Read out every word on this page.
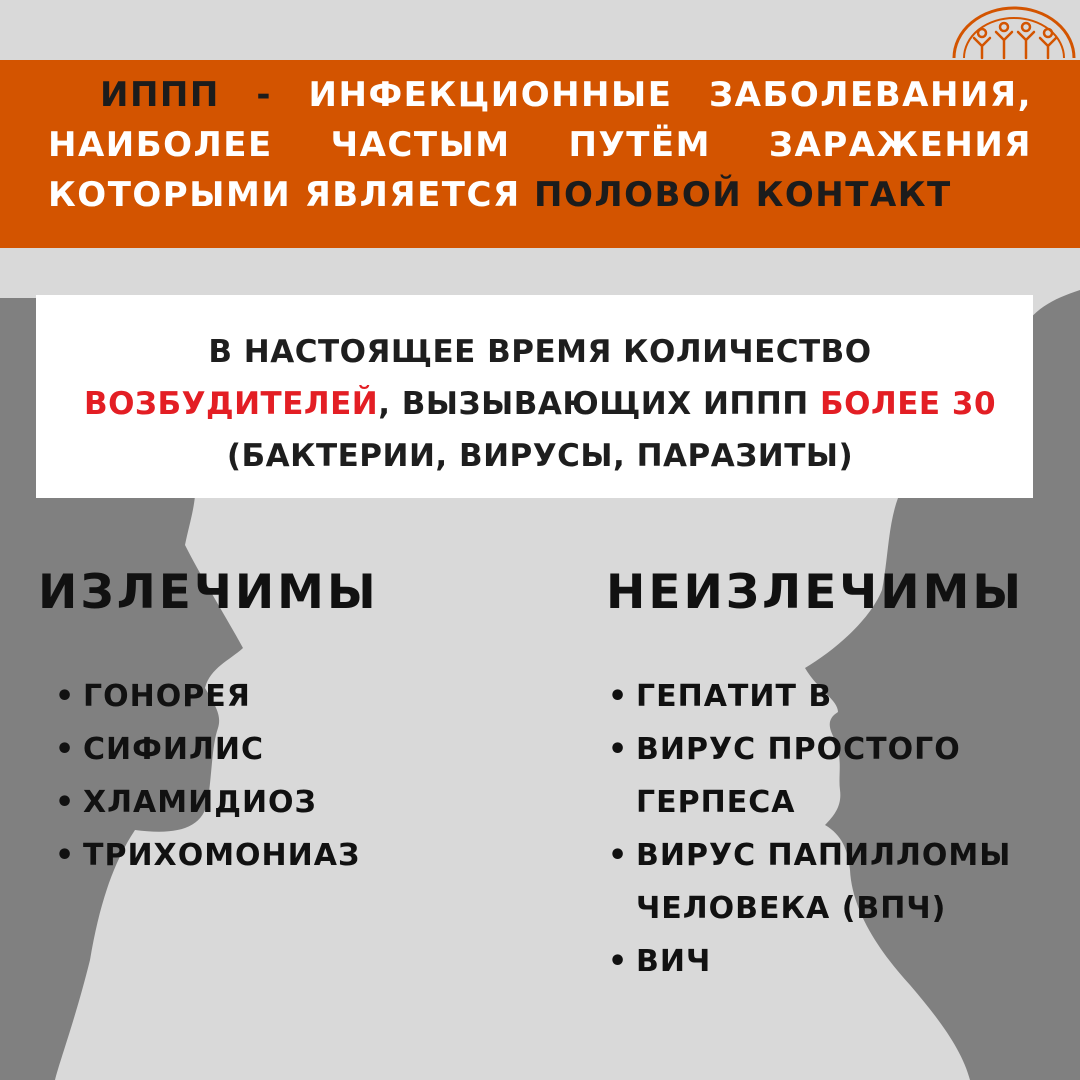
ИППП - ИНФЕКЦИОННЫЕ ЗАБОЛЕВАНИЯ, НАИБОЛЕЕ ЧАСТЫМ ПУТЁМ ЗАРАЖЕНИЯ КОТОРЫМИ ЯВЛЯЕТСЯ ПОЛОВОЙ КОНТАКТ

В НАСТОЯЩЕЕ ВРЕМЯ КОЛИЧЕСТВО
ВОЗБУДИТЕЛЕЙ, ВЫЗЫВАЮЩИХ ИППП БОЛЕЕ 30
(БАКТЕРИИ, ВИРУСЫ, ПАРАЗИТЫ)

ИЗЛЕЧИМЫ
• ГОНОРЕЯ
• СИФИЛИС
• ХЛАМИДИОЗ
• ТРИХОМОНИАЗ
НЕИЗЛЕЧИМЫ
• ГЕПАТИТ В
• ВИРУС ПРОСТОГО ГЕРПЕСА
• ВИРУС ПАПИЛЛОМЫ ЧЕЛОВЕКА (ВПЧ)
• ВИЧ
